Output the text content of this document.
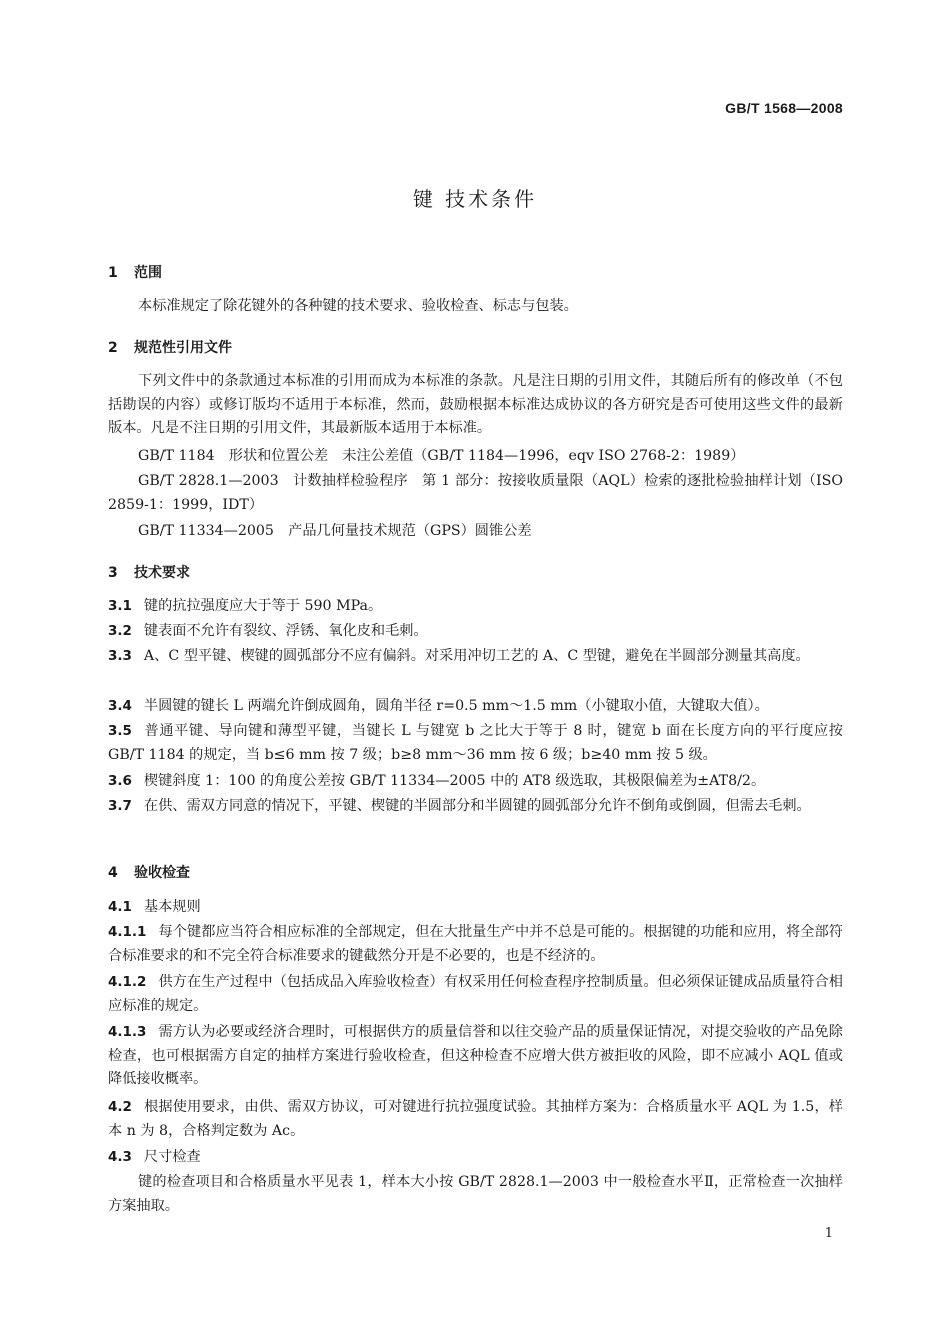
GB/T 1568—2008
键 技术条件
1 范围
本标准规定了除花键外的各种键的技术要求、验收检查、标志与包装。
2 规范性引用文件
下列文件中的条款通过本标准的引用而成为本标准的条款。凡是注日期的引用文件，其随后所有的修改单（不包括勘误的内容）或修订版均不适用于本标准，然而，鼓励根据本标准达成协议的各方研究是否可使用这些文件的最新版本。凡是不注日期的引用文件，其最新版本适用于本标准。
GB/T 1184　形状和位置公差　未注公差值（GB/T 1184—1996，eqv ISO 2768-2：1989）
GB/T 2828.1—2003　计数抽样检验程序　第 1 部分：按接收质量限（AQL）检索的逐批检验抽样计划（ISO 2859-1：1999，IDT）
GB/T 11334—2005　产品几何量技术规范（GPS）圆锥公差
3 技术要求
3.1 键的抗拉强度应大于等于 590 MPa。
3.2 键表面不允许有裂纹、浮锈、氧化皮和毛刺。
3.3 A、C 型平键、楔键的圆弧部分不应有偏斜。对采用冲切工艺的 A、C 型键，避免在半圆部分测量其高度。
3.4 半圆键的键长 L 两端允许倒成圆角，圆角半径 r=0.5 mm～1.5 mm（小键取小值，大键取大值）。
3.5 普通平键、导向键和薄型平键，当键长 L 与键宽 b 之比大于等于 8 时，键宽 b 面在长度方向的平行度应按 GB/T 1184 的规定，当 b≤6 mm 按 7 级；b≥8 mm～36 mm 按 6 级；b≥40 mm 按 5 级。
3.6 楔键斜度 1：100 的角度公差按 GB/T 11334—2005 中的 AT8 级选取，其极限偏差为±AT8/2。
3.7 在供、需双方同意的情况下，平键、楔键的半圆部分和半圆键的圆弧部分允许不倒角或倒圆，但需去毛刺。
4 验收检查
4.1 基本规则
4.1.1 每个键都应当符合相应标准的全部规定，但在大批量生产中并不总是可能的。根据键的功能和应用，将全部符合标准要求的和不完全符合标准要求的键截然分开是不必要的，也是不经济的。
4.1.2 供方在生产过程中（包括成品入库验收检查）有权采用任何检查程序控制质量。但必须保证键成品质量符合相应标准的规定。
4.1.3 需方认为必要或经济合理时，可根据供方的质量信誉和以往交验产品的质量保证情况，对提交验收的产品免除检查，也可根据需方自定的抽样方案进行验收检查，但这种检查不应增大供方被拒收的风险，即不应减小 AQL 值或降低接收概率。
4.2 根据使用要求，由供、需双方协议，可对键进行抗拉强度试验。其抽样方案为：合格质量水平 AQL 为 1.5，样本 n 为 8，合格判定数为 Ac。
4.3 尺寸检查
键的检查项目和合格质量水平见表 1，样本大小按 GB/T 2828.1—2003 中一般检查水平Ⅱ，正常检查一次抽样方案抽取。
1
